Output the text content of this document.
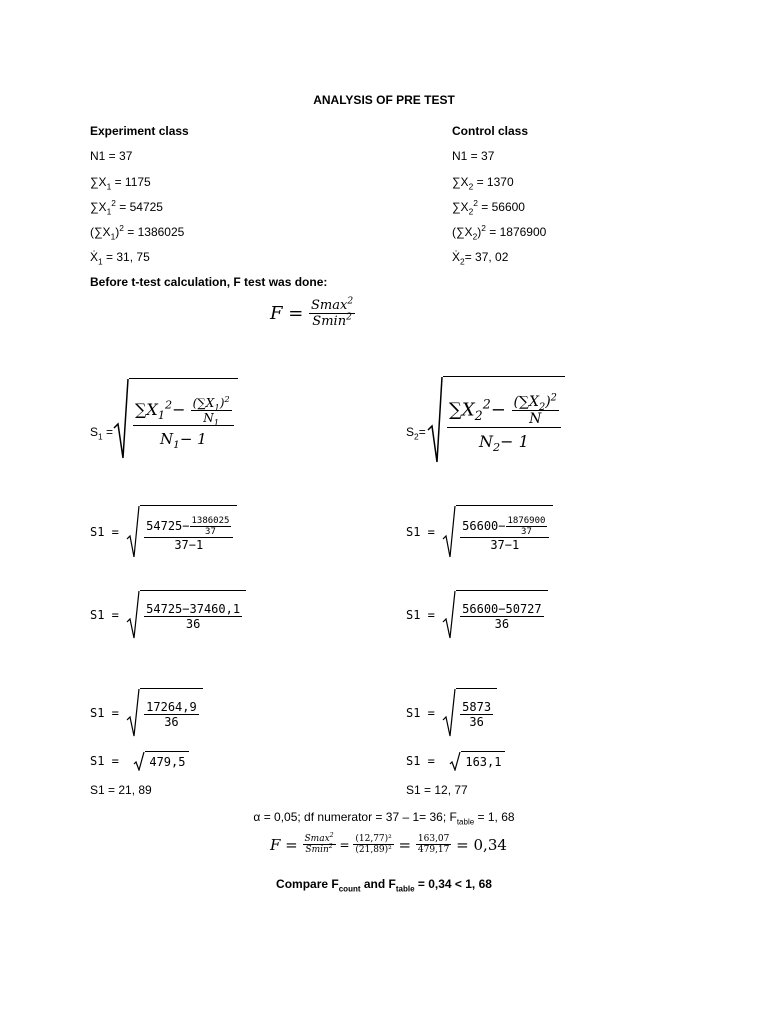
ANALYSIS OF PRE TEST
Experiment class
N1 = 37
$\sum X_1 = 1175$
$\sum X_1^2 = 54725$
$(\sum X_1)^2 = 1386025$
Ẋ$_1$ = 31, 75
Control class
N1 = 37
$\sum X_2 = 1370$
$\sum X_2^2 = 56600$
$(\sum X_2)^2 = 1876900$
Ẋ$_2$= 37, 02
Before t-test calculation, F test was done:
$F = \frac{Smax^2}{Smin^2}$
$S_1 = \frac{\sum X_1^2- \frac{(\sum X_1)^2}{N_1}}{N_1- 1}$	$S_2= \frac{\sum X_2^2- \frac{(\sum X_2)^2}{N}}{N_2- 1}$
S1 =
$\frac{54725- \frac{1386025}{37}}{37-1}$	S1 =
$\frac{56600- \frac{1876900}{37}}{37-1}$
S1 =
$\frac{54725-37460,1}{36}$	S1 =
$\frac{56600-50727}{36}$
S1 =
$\frac{17264,9}{36}$	S1 =
$\frac{5873}{36}$
S1 =
	479,5	S1 =
	163,1
S1 = 21, 89	S1 = 12, 77
α = 0,05; df numerator = 37 – 1= 36; $F_{table} = 1$, 68
$F = \frac{Smax^2}{Smin^2} = \frac{\text{(12,77)²}}{\text{(21,89)²}} = \frac{163,07}{479,17}$
= 0,34
Compare $F_{count}$ and $F_{table} = 0,34 < 1$, 68
